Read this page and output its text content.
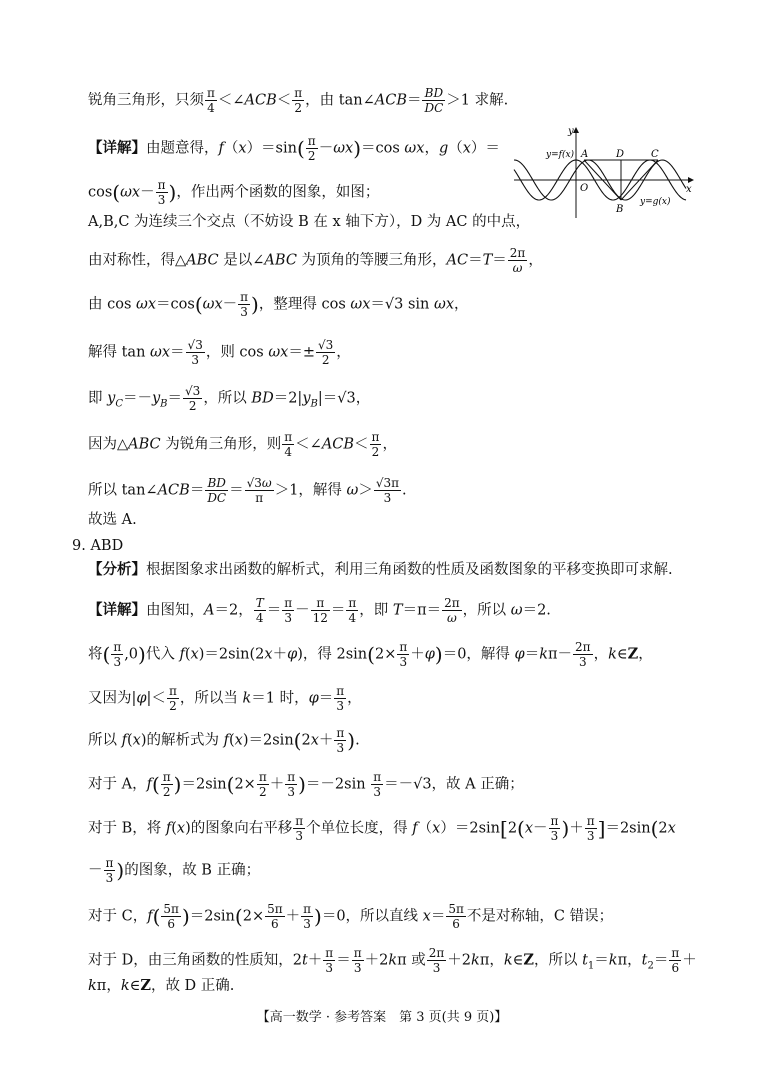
锐角三角形，只须 $\frac{\pi}{4}$ ＜∠ACB＜ $\frac{\pi}{2}$ ，由 tan∠ACB＝ $\frac{BD}{DC} >1$ 求解.
【详解】由题意得，$f(x)=\sin( \frac{\pi}{2} -\omega x)=\cos$ ωx，g（x）＝
$\cos(\omega x- \frac{\pi}{3}$ )，作出两个函数的图象，如图；
A,B,C 为连续三个交点（不妨设 B 在 x 轴下方），D 为 AC 的中点，
由对称性，得△ABC 是以∠ABC 为顶角的等腰三角形，$AC=T= \frac{2\pi}{\omega}$ ，
由 $\cos \omega x=\cos(\omega x- \frac{\pi}{3}$ )，整理得 cos ωx＝√3 sin ωx，
解得 $\tan \omega x= \frac{√3}{3}$ ，则 $\cos \omega x=\pm \frac{√3}{2}$ ，
即 $y_C=-y_B= \frac{√3}{2}$ ，所以 $BD=2|y_B|=√3$，
因为△ABC 为锐角三角形，则 $\frac{\pi}{4}$ ＜∠ACB＜ $\frac{\pi}{2}$ ，
所以 tan∠ACB＝ $\frac{BD}{DC} = \frac{√3\omega}{\pi} >1$，解得 $\omega> \frac{√3\pi}{3}$ .
故选 A.
9. ABD
【分析】根据图象求出函数的解析式，利用三角函数的性质及函数图象的平移变换即可求解.
【详解】由图知，A＝2， $\frac{T}{4} = \frac{\pi}{3} - \frac{\pi}{12} = \frac{\pi}{4}$ ，即 $T=\pi= \frac{2\pi}{\omega}$ ，所以 ω＝2.
将( $\frac{\pi}{3} ,0$)代入 f(x)＝2sin(2x＋φ)，得 $2\sin(2\times \frac{\pi}{3} +\varphi)=0$，解得 $\varphi=k\pi- \frac{2\pi}{3}$ ，k∈Z，
又因为$|\varphi|< \frac{\pi}{2}$ ，所以当 k＝1 时，$\varphi= \frac{\pi}{3}$ ，
所以 f(x)的解析式为 $f(x)=2\sin(2x+ \frac{\pi}{3}$ ).
对于 A，$f( \frac{\pi}{2} )=2\sin(2\times \frac{\pi}{2} + \frac{\pi}{3} )=-2\sin \frac{\pi}{3} =-√3$，故 A 正确；
对于 B，将 f(x)的图象向右平移 $\frac{\pi}{3}$ 个单位长度，得 $f(x)=2\sin[2(x- \frac{\pi}{3}$ )＋ $\frac{\pi}{3} ]=2\sin(2x$
－ $\frac{\pi}{3}$ )的图象，故 B 正确；
对于 C，$f( \frac{5\pi}{6} )=2\sin(2\times \frac{5\pi}{6} + \frac{\pi}{3} )=0$，所以直线 $x= \frac{5\pi}{6}$ 不是对称轴，C 错误；
对于 D，由三角函数的性质知，$2t+ \frac{\pi}{3} = \frac{\pi}{3} +2k\pi$ 或 $\frac{2\pi}{3} +2k\pi$，k∈Z，所以 $t_1=k\pi$，$t_2= \frac{\pi}{6}$ ＋
kπ，k∈Z，故 D 正确.
y
x
y=f(x)
y=g(x)
A
B
C
D
O
【高一数学 · 参考答案　第 3 页(共 9 页)】
